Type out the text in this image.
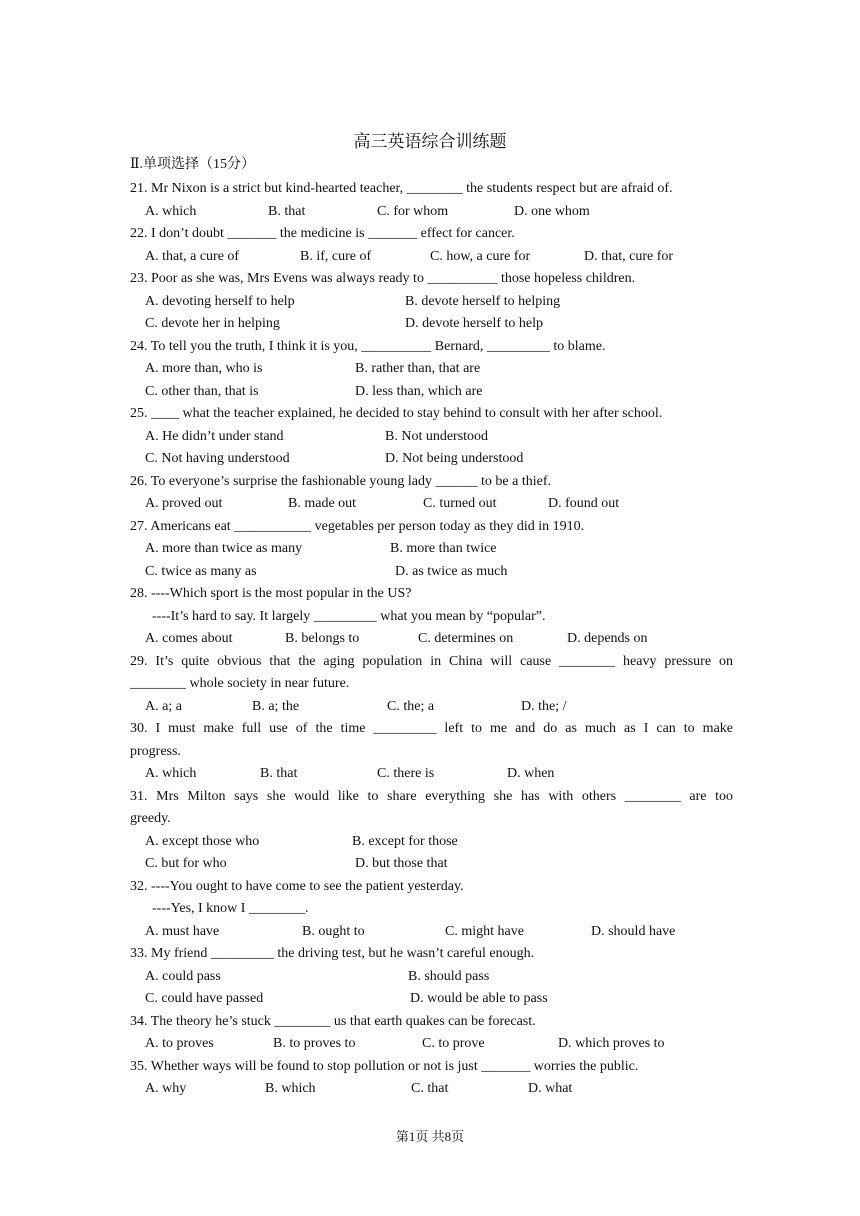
高三英语综合训练题
Ⅱ.单项选择（15分）
21. Mr Nixon is a strict but kind-hearted teacher, ________ the students respect but are afraid of.
A. which	B. that	C. for whom	D. one whom
22. I don’t doubt _______ the medicine is _______ effect for cancer.
A. that, a cure of	B. if, cure of	C. how, a cure for	D. that, cure for
23. Poor as she was, Mrs Evens was always ready to __________ those hopeless children.
A. devoting herself to help	B. devote herself to helping
C. devote her in helping	D. devote herself to help
24. To tell you the truth, I think it is you, __________ Bernard, _________ to blame.
A. more than, who is	B. rather than, that are
C. other than, that is	D. less than, which are
25. ____ what the teacher explained, he decided to stay behind to consult with her after school.
A. He didn’t under stand	B. Not understood
C. Not having understood	D. Not being understood
26. To everyone’s surprise the fashionable young lady ______ to be a thief.
A. proved out	B. made out	C. turned out	D. found out
27. Americans eat ___________ vegetables per person today as they did in 1910.
A. more than twice as many	B. more than twice
C. twice as many as	D. as twice as much
28. ----Which sport is the most popular in the US?
----It’s hard to say. It largely _________ what you mean by “popular”.
A. comes about	B. belongs to	C. determines on	D. depends on
29. It’s quite obvious that the aging population in China will cause ________ heavy pressure on
________ whole society in near future.
A. a; a	B. a; the	C. the; a	D. the; /
30. I must make full use of the time _________ left to me and do as much as I can to make
progress.
A. which	B. that	C. there is	D. when
31. Mrs Milton says she would like to share everything she has with others ________ are too
greedy.
A. except those who	B. except for those
C. but for who	D. but those that
32. ----You ought to have come to see the patient yesterday.
----Yes, I know I ________.
A. must have	B. ought to	C. might have	D. should have
33. My friend _________ the driving test, but he wasn’t careful enough.
A. could pass	B. should pass
C. could have passed	D. would be able to pass
34. The theory he’s stuck ________ us that earth quakes can be forecast.
A. to proves	B. to proves to	C. to prove	D. which proves to
35. Whether ways will be found to stop pollution or not is just _______ worries the public.
A. why	B. which	C. that	D. what
第1页 共8页
